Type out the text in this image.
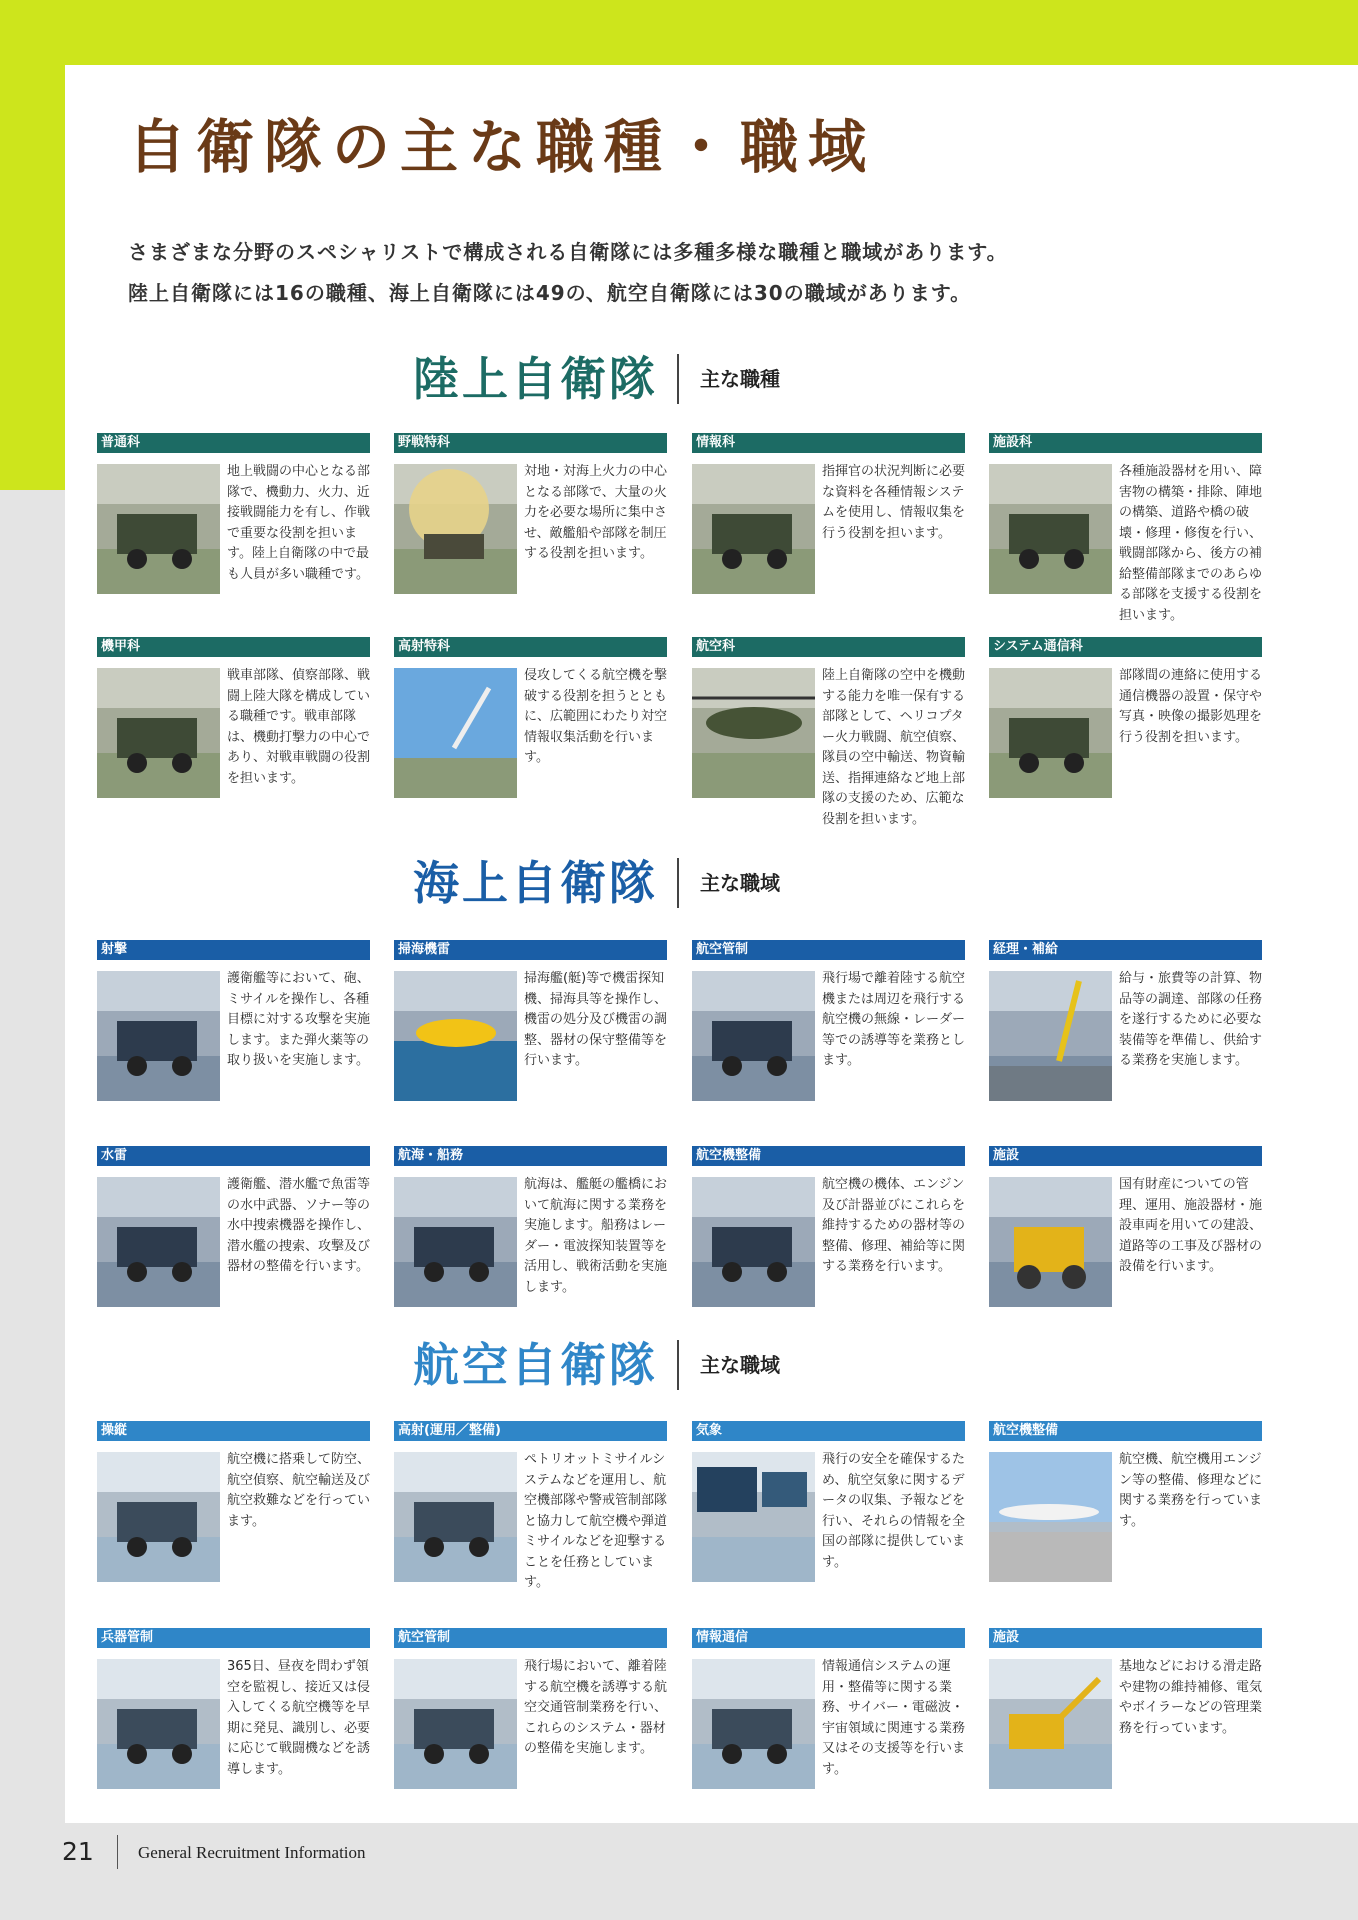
自衛隊の主な職種・職域
さまざまな分野のスペシャリストで構成される自衛隊には多種多様な職種と職域があります。
陸上自衛隊には16の職種、海上自衛隊には49の、航空自衛隊には30の職域があります。
陸上自衛隊 主な職種
普通科
地上戦闘の中心となる部隊で、機動力、火力、近接戦闘能力を有し、作戦で重要な役割を担います。陸上自衛隊の中で最も人員が多い職種です。
野戦特科
対地・対海上火力の中心となる部隊で、大量の火力を必要な場所に集中させ、敵艦船や部隊を制圧する役割を担います。
情報科
指揮官の状況判断に必要な資料を各種情報システムを使用し、情報収集を行う役割を担います。
施設科
各種施設器材を用い、障害物の構築・排除、陣地の構築、道路や橋の破壊・修理・修復を行い、戦闘部隊から、後方の補給整備部隊までのあらゆる部隊を支援する役割を担います。
機甲科
戦車部隊、偵察部隊、戦闘上陸大隊を構成している職種です。戦車部隊は、機動打撃力の中心であり、対戦車戦闘の役割を担います。
高射特科
侵攻してくる航空機を撃破する役割を担うとともに、広範囲にわたり対空情報収集活動を行います。
航空科
陸上自衛隊の空中を機動する能力を唯一保有する部隊として、ヘリコプター火力戦闘、航空偵察、隊員の空中輸送、物資輸送、指揮連絡など地上部隊の支援のため、広範な役割を担います。
システム通信科
部隊間の連絡に使用する通信機器の設置・保守や写真・映像の撮影処理を行う役割を担います。
海上自衛隊 主な職域
射撃
護衛艦等において、砲、ミサイルを操作し、各種目標に対する攻撃を実施します。また弾火薬等の取り扱いを実施します。
掃海機雷
掃海艦(艇)等で機雷探知機、掃海具等を操作し、機雷の処分及び機雷の調整、器材の保守整備等を行います。
航空管制
飛行場で離着陸する航空機または周辺を飛行する航空機の無線・レーダー等での誘導等を業務とします。
経理・補給
給与・旅費等の計算、物品等の調達、部隊の任務を遂行するために必要な装備等を準備し、供給する業務を実施します。
水雷
護衛艦、潜水艦で魚雷等の水中武器、ソナー等の水中捜索機器を操作し、潜水艦の捜索、攻撃及び器材の整備を行います。
航海・船務
航海は、艦艇の艦橋において航海に関する業務を実施します。船務はレーダー・電波探知装置等を活用し、戦術活動を実施します。
航空機整備
航空機の機体、エンジン及び計器並びにこれらを維持するための器材等の整備、修理、補給等に関する業務を行います。
施設
国有財産についての管理、運用、施設器材・施設車両を用いての建設、道路等の工事及び器材の設備を行います。
航空自衛隊 主な職域
操縦
航空機に搭乗して防空、航空偵察、航空輸送及び航空救難などを行っています。
高射(運用／整備)
ペトリオットミサイルシステムなどを運用し、航空機部隊や警戒管制部隊と協力して航空機や弾道ミサイルなどを迎撃することを任務としています。
気象
飛行の安全を確保するため、航空気象に関するデータの収集、予報などを行い、それらの情報を全国の部隊に提供しています。
航空機整備
航空機、航空機用エンジン等の整備、修理などに関する業務を行っています。
兵器管制
365日、昼夜を問わず領空を監視し、接近又は侵入してくる航空機等を早期に発見、識別し、必要に応じて戦闘機などを誘導します。
航空管制
飛行場において、離着陸する航空機を誘導する航空交通管制業務を行い、これらのシステム・器材の整備を実施します。
情報通信
情報通信システムの運用・整備等に関する業務、サイバー・電磁波・宇宙領域に関連する業務又はその支援等を行います。
施設
基地などにおける滑走路や建物の維持補修、電気やボイラーなどの管理業務を行っています。
21	General Recruitment Information
